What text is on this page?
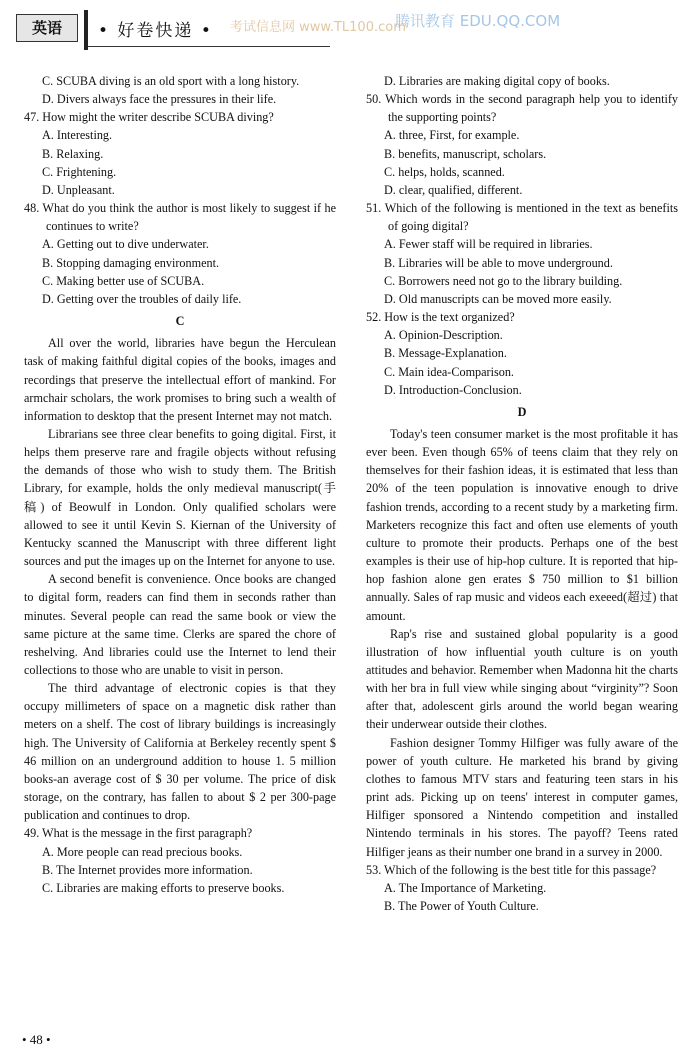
英语	• 好卷快递 • 考试信息网 www.TL100.com
腾讯教育 EDU.QQ.COM

C. SCUBA diving is an old sport with a long history.

D. Divers always face the pressures in their life.

47. How might the writer describe SCUBA diving?

A. Interesting.

B. Relaxing.

C. Frightening.

D. Unpleasant.

48. What do you think the author is most likely to suggest if he continues to write?

A. Getting out to dive underwater.

B. Stopping damaging environment.

C. Making better use of SCUBA.

D. Getting over the troubles of daily life.

C

All over the world, libraries have begun the Herculean task of making faithful digital copies of the books, images and recordings that preserve the intellectual effort of mankind. For armchair scholars, the work promises to bring such a wealth of information to desktop that the present Internet may not match.

Librarians see three clear benefits to going digital. First, it helps them preserve rare and fragile objects without refusing the demands of those who wish to study them. The British Library, for example, holds the only medieval manuscript(手稿) of Beowulf in London. Only qualified scholars were allowed to see it until Kevin S. Kiernan of the University of Kentucky scanned the Manuscript with three different light sources and put the images up on the Internet for anyone to use.

A second benefit is convenience. Once books are changed to digital form, readers can find them in seconds rather than minutes. Several people can read the same book or view the same picture at the same time. Clerks are spared the chore of reshelving. And libraries could use the Internet to lend their collections to those who are unable to visit in person.

The third advantage of electronic copies is that they occupy millimeters of space on a magnetic disk rather than meters on a shelf. The cost of library buildings is increasingly high. The University of California at Berkeley recently spent $ 46 million on an underground addition to house 1. 5 million books-an average cost of $ 30 per volume. The price of disk storage, on the contrary, has fallen to about $ 2 per 300-page publication and continues to drop.

49. What is the message in the first paragraph?

A. More people can read precious books.

B. The Internet provides more information.

C. Libraries are making efforts to preserve books.

D. Libraries are making digital copy of books.

50. Which words in the second paragraph help you to identify the supporting points?

A. three, First, for example.

B. benefits, manuscript, scholars.

C. helps, holds, scanned.

D. clear, qualified, different.

51. Which of the following is mentioned in the text as benefits of going digital?

A. Fewer staff will be required in libraries.

B. Libraries will be able to move underground.

C. Borrowers need not go to the library building.

D. Old manuscripts can be moved more easily.

52. How is the text organized?

A. Opinion-Description.

B. Message-Explanation.

C. Main idea-Comparison.

D. Introduction-Conclusion.

D

Today's teen consumer market is the most profitable it has ever been. Even though 65% of teens claim that they rely on themselves for their fashion ideas, it is estimated that less than 20% of the teen population is innovative enough to drive fashion trends, according to a recent study by a marketing firm. Marketers recognize this fact and often use elements of youth culture to promote their products. Perhaps one of the best examples is their use of hip-hop culture. It is reported that hip-hop fashion alone gen erates $ 750 million to $1 billion annually. Sales of rap music and videos each exeeed(超过) that amount.

Rap's rise and sustained global popularity is a good illustration of how influential youth culture is on youth attitudes and behavior. Remember when Madonna hit the charts with her bra in full view while singing about “virginity”? Soon after that, adolescent girls around the world began wearing their underwear outside their clothes.

Fashion designer Tommy Hilfiger was fully aware of the power of youth culture. He marketed his brand by giving clothes to famous MTV stars and featuring teen stars in his print ads. Picking up on teens' interest in computer games, Hilfiger sponsored a Nintendo competition and installed Nintendo terminals in his stores. The payoff? Teens rated Hilfiger jeans as their number one brand in a survey in 2000.

53. Which of the following is the best title for this passage?

A. The Importance of Marketing.

B. The Power of Youth Culture.

• 48 •
